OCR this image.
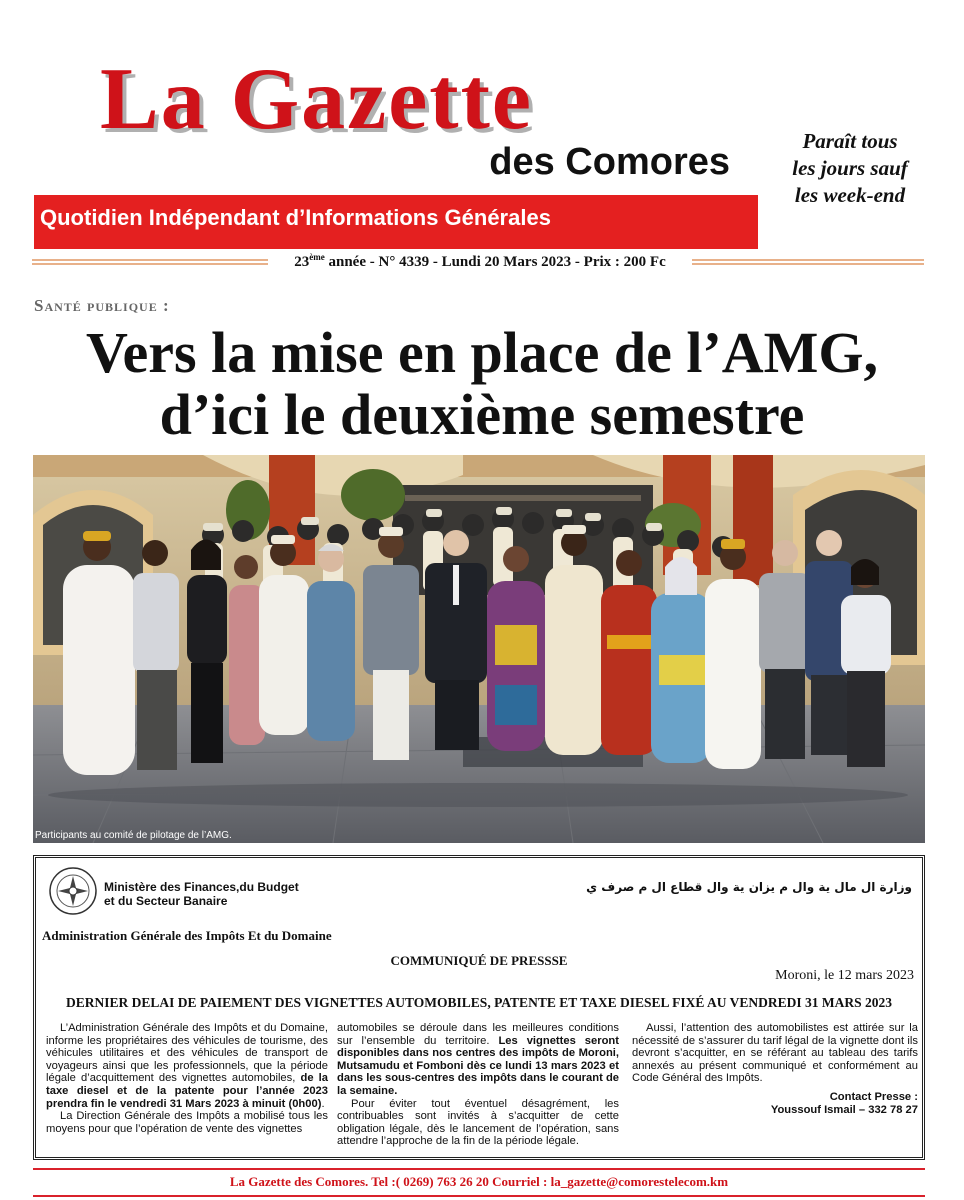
La Gazette
des Comores
Quotidien Indépendant d’Informations Générales
Paraît tous
les jours sauf
les week-end
23ème année - N° 4339 - Lundi 20 Mars 2023 - Prix : 200 Fc
Santé publique :
Vers la mise en place de l’AMG,
d’ici le deuxième semestre
Participants au comité de pilotage de l’AMG.
Ministère des Finances,du Budget
et du Secteur Banaire
وزارة ال مال ية وال م يزان ية وال قطاع ال م صرف ي
Administration Générale des Impôts Et du Domaine
COMMUNIQUÉ DE PRESSSE
Moroni, le 12 mars 2023
DERNIER DELAI DE PAIEMENT DES VIGNETTES AUTOMOBILES, PATENTE ET TAXE DIESEL FIXÉ AU VENDREDI 31 MARS 2023

L’Administration Générale des Impôts et du Domaine, informe les propriétaires des véhicules de tourisme, des véhicules utilitaires et des véhicules de transport de voyageurs ainsi que les professionnels, que la période légale d’acquittement des vignettes automobiles, de la taxe diesel et de la patente pour l’année 2023 prendra fin le vendredi 31 Mars 2023 à minuit (0h00).

La Direction Générale des Impôts a mobilisé tous les moyens pour que l’opération de vente des vignettes

automobiles se déroule dans les meilleures conditions sur l’ensemble du territoire. Les vignettes seront disponibles dans nos centres des impôts de Moroni, Mutsamudu et Fomboni dès ce lundi 13 mars 2023 et dans les sous-centres des impôts dans le courant de la semaine.

Pour éviter tout éventuel désagrément, les contribuables sont invités à s’acquitter de cette obligation légale, dès le lancement de l’opération, sans attendre l’approche de la fin de la période légale.

Aussi, l’attention des automobilistes est attirée sur la nécessité de s’assurer du tarif légal de la vignette dont ils devront s’acquitter, en se référant au tableau des tarifs annexés au présent communiqué et conformément au Code Général des Impôts.

Contact Presse :
Youssouf Ismail – 332 78 27
La Gazette des Comores. Tel :( 0269) 763 26 20 Courriel : la_gazette@comorestelecom.km
